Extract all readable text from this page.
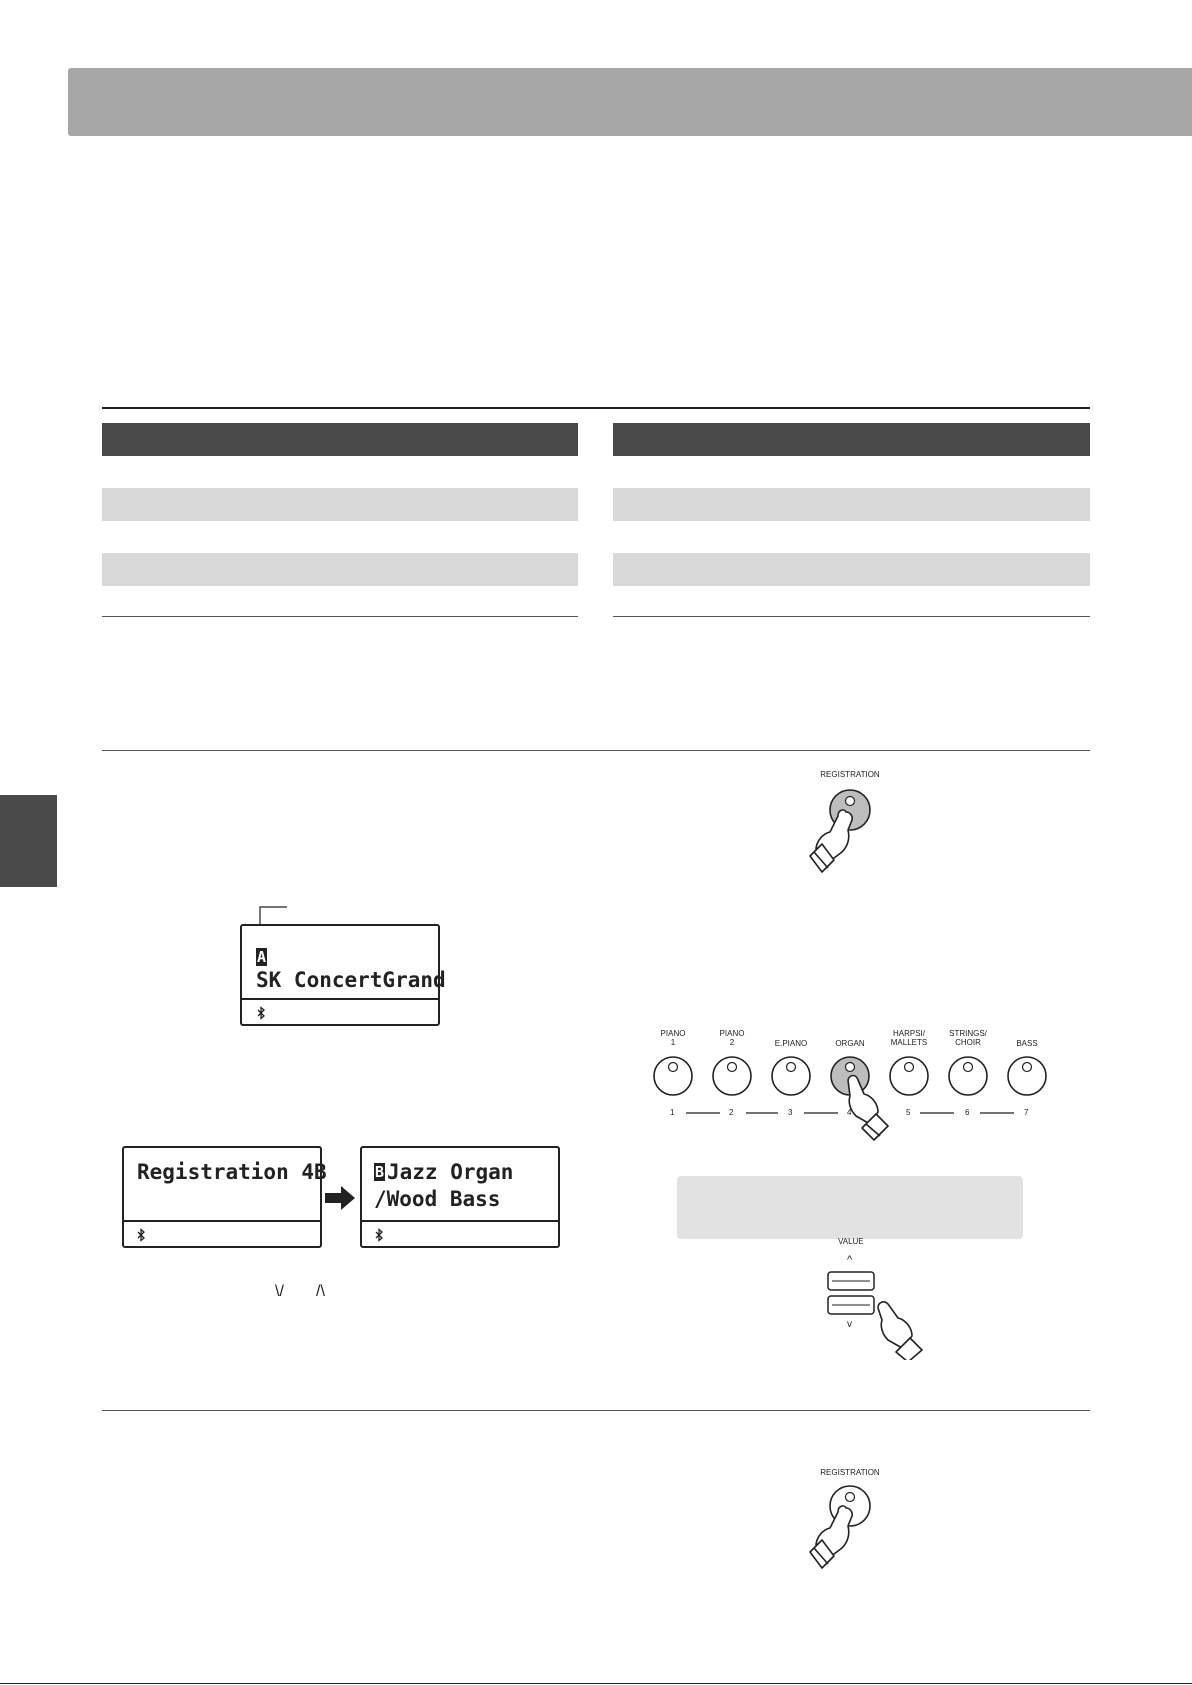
ASK ConcertGrand
Registration 4B	B Jazz Organ
/Wood Bass
\/ /\
REGISTRATION
PIANO
1
1
PIANO
2
2
E.PIANO
3
ORGAN
4
HARPSI/
MALLETS
5
STRINGS/
CHOIR
6
BASS
7
VALUE
^
v
REGISTRATION
